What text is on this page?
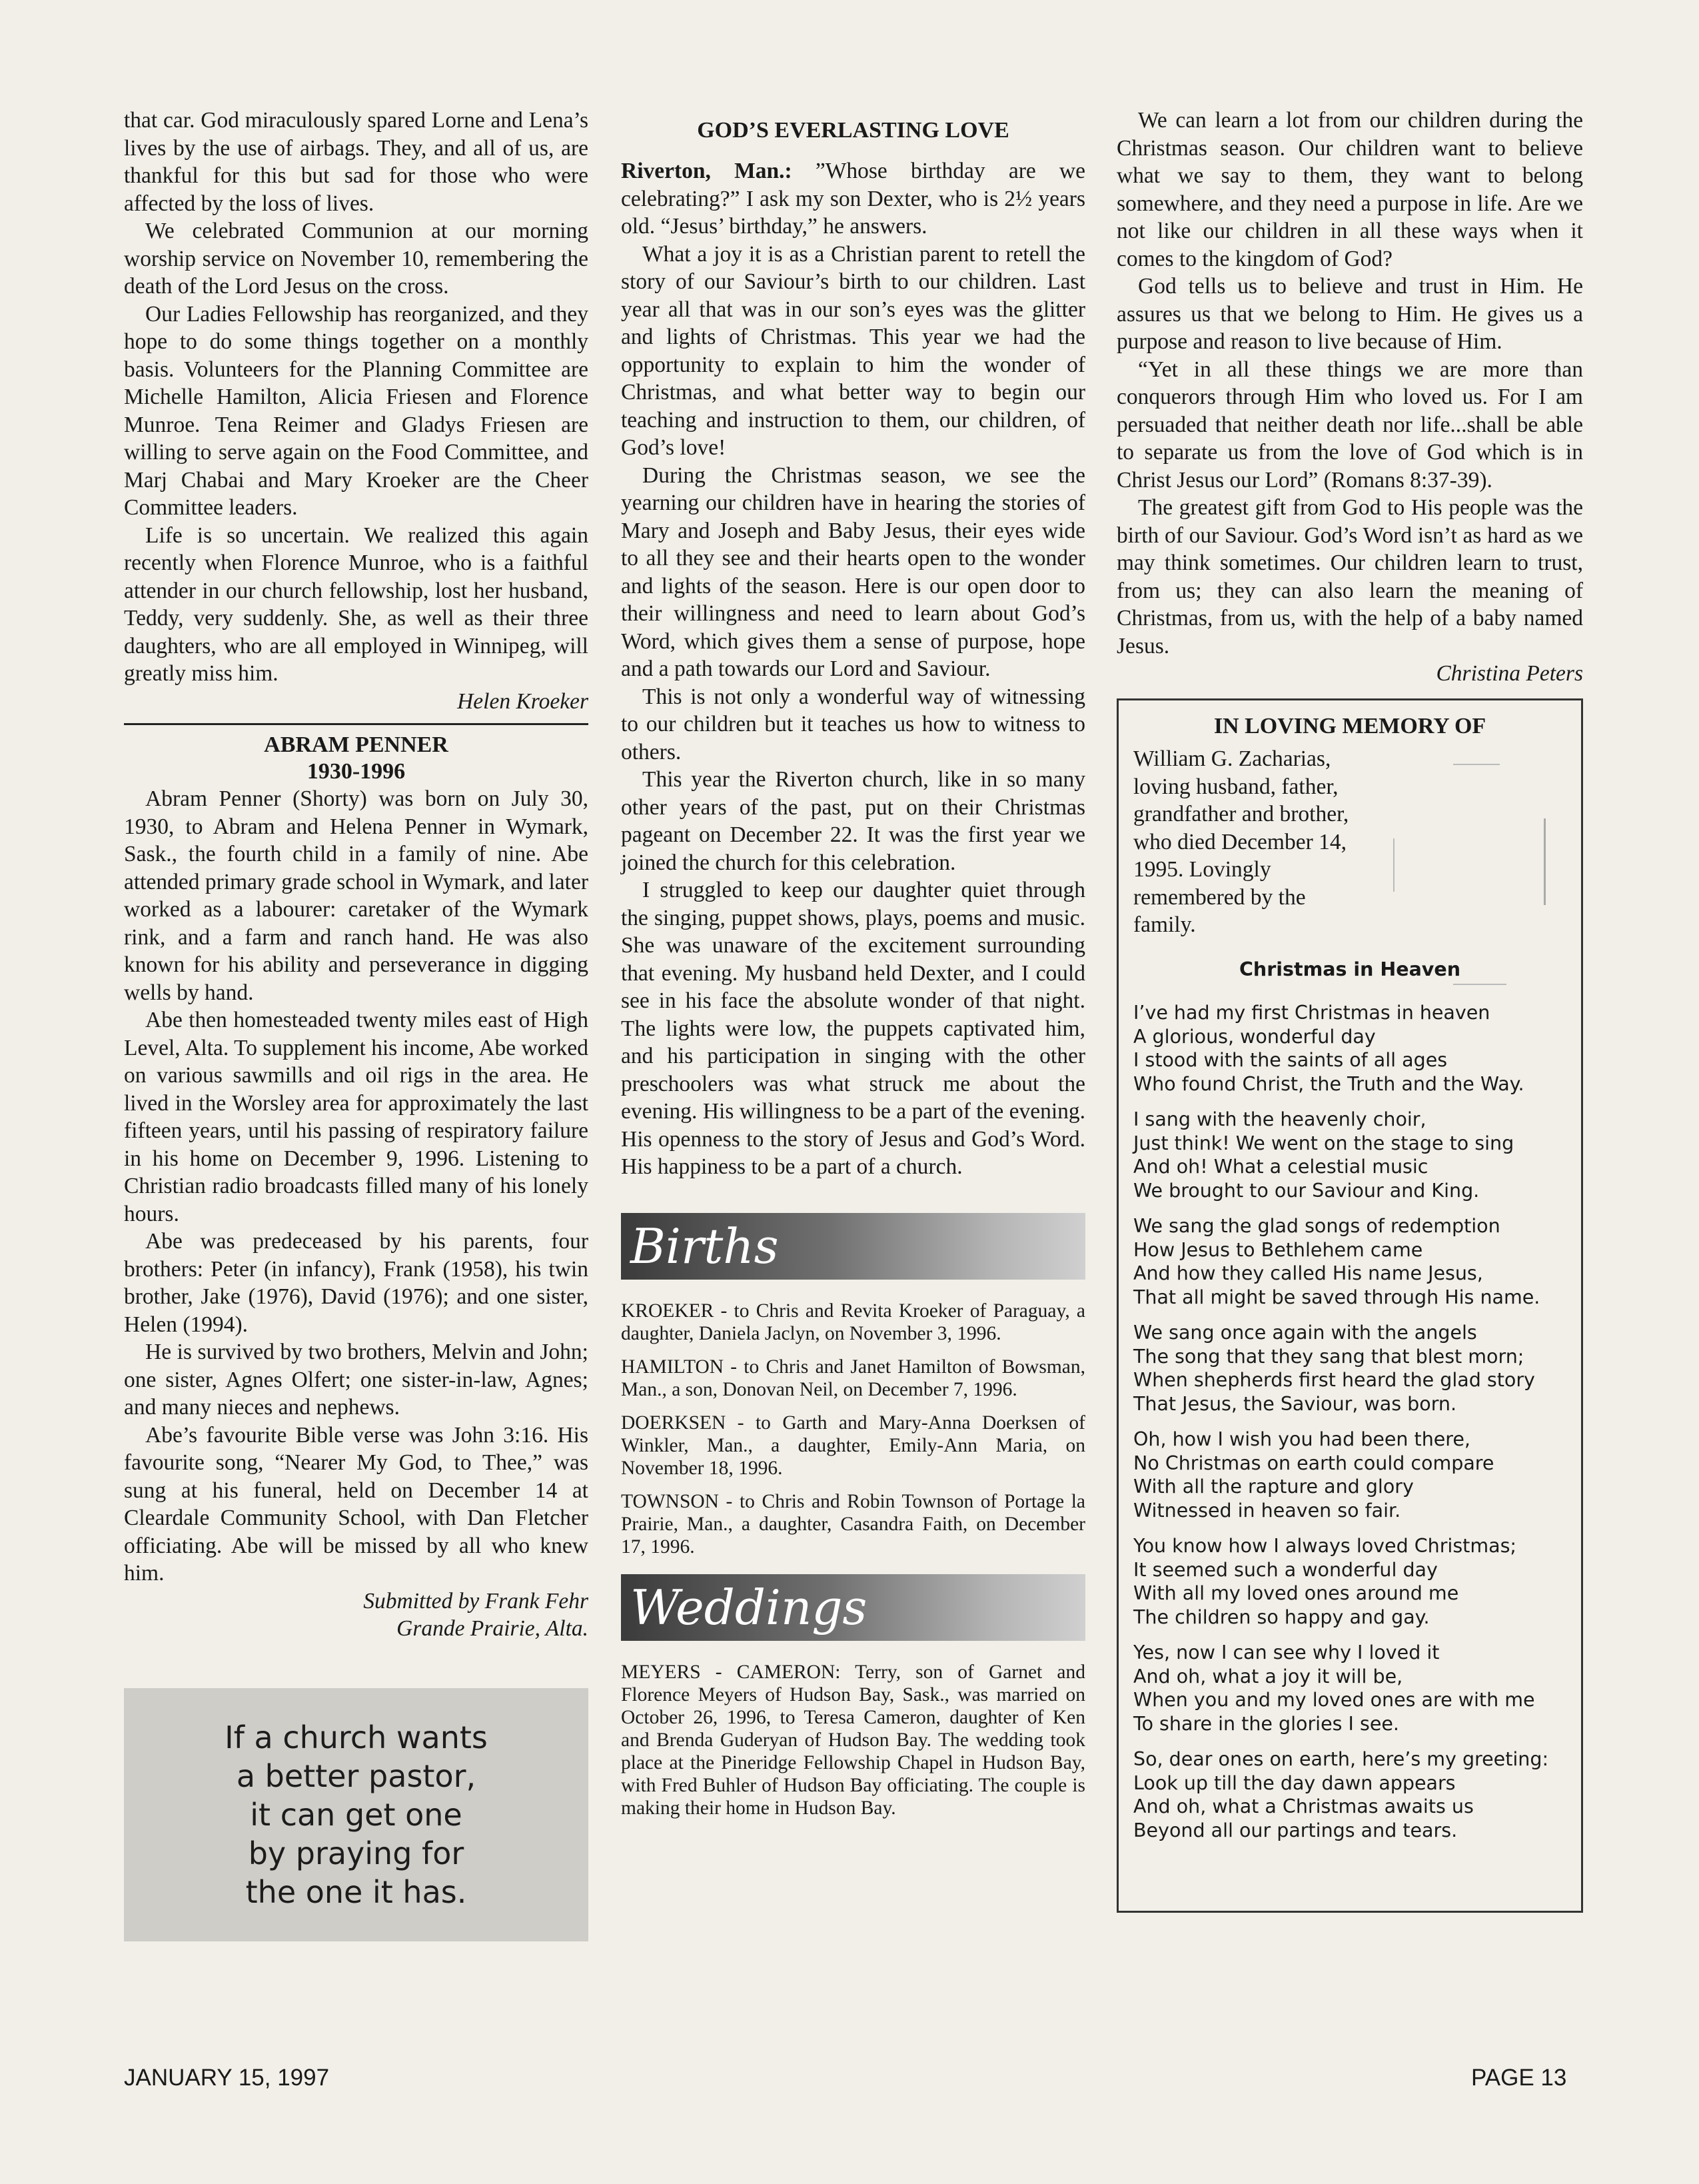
that car. God miraculously spared Lorne and Lena’s lives by the use of airbags. They, and all of us, are thankful for this but sad for those who were affected by the loss of lives.

We celebrated Communion at our morning worship service on November 10, remembering the death of the Lord Jesus on the cross.

Our Ladies Fellowship has reorganized, and they hope to do some things together on a monthly basis. Volunteers for the Planning Committee are Michelle Hamilton, Alicia Friesen and Florence Munroe. Tena Reimer and Gladys Friesen are willing to serve again on the Food Committee, and Marj Chabai and Mary Kroeker are the Cheer Committee leaders.

Life is so uncertain. We realized this again recently when Florence Munroe, who is a faithful attender in our church fellowship, lost her husband, Teddy, very suddenly. She, as well as their three daughters, who are all employed in Winnipeg, will greatly miss him.

Helen Kroeker

ABRAM PENNER
1930-1996

Abram Penner (Shorty) was born on July 30, 1930, to Abram and Helena Penner in Wymark, Sask., the fourth child in a family of nine. Abe attended primary grade school in Wymark, and later worked as a labourer: caretaker of the Wymark rink, and a farm and ranch hand. He was also known for his ability and perseverance in digging wells by hand.

Abe then homesteaded twenty miles east of High Level, Alta. To supplement his income, Abe worked on various sawmills and oil rigs in the area. He lived in the Worsley area for approximately the last fifteen years, until his passing of respiratory failure in his home on December 9, 1996. Listening to Christian radio broadcasts filled many of his lonely hours.

Abe was predeceased by his parents, four brothers: Peter (in infancy), Frank (1958), his twin brother, Jake (1976), David (1976); and one sister, Helen (1994).

He is survived by two brothers, Melvin and John; one sister, Agnes Olfert; one sister-in-law, Agnes; and many nieces and nephews.

Abe’s favourite Bible verse was John 3:16. His favourite song, “Nearer My God, to Thee,” was sung at his funeral, held on December 14 at Cleardale Community School, with Dan Fletcher officiating. Abe will be missed by all who knew him.

Submitted by Frank Fehr

Grande Prairie, Alta.

If a church wants
a better pastor,
it can get one
by praying for
the one it has.
GOD’S EVERLASTING LOVE

Riverton, Man.: ”Whose birthday are we celebrating?” I ask my son Dexter, who is 2½ years old. “Jesus’ birthday,” he answers.

What a joy it is as a Christian parent to retell the story of our Saviour’s birth to our children. Last year all that was in our son’s eyes was the glitter and lights of Christmas. This year we had the opportunity to explain to him the wonder of Christmas, and what better way to begin our teaching and instruction to them, our children, of God’s love!

During the Christmas season, we see the yearning our children have in hearing the stories of Mary and Joseph and Baby Jesus, their eyes wide to all they see and their hearts open to the wonder and lights of the season. Here is our open door to their willingness and need to learn about God’s Word, which gives them a sense of purpose, hope and a path towards our Lord and Saviour.

This is not only a wonderful way of witnessing to our children but it teaches us how to witness to others.

This year the Riverton church, like in so many other years of the past, put on their Christmas pageant on December 22. It was the first year we joined the church for this celebration.

I struggled to keep our daughter quiet through the singing, puppet shows, plays, poems and music. She was unaware of the excitement surrounding that evening. My husband held Dexter, and I could see in his face the absolute wonder of that night. The lights were low, the puppets captivated him, and his participation in singing with the other preschoolers was what struck me about the evening. His willingness to be a part of the evening. His openness to the story of Jesus and God’s Word. His happiness to be a part of a church.

Births
KROEKER - to Chris and Revita Kroeker of Paraguay, a daughter, Daniela Jaclyn, on November 3, 1996.
HAMILTON - to Chris and Janet Hamilton of Bowsman, Man., a son, Donovan Neil, on December 7, 1996.
DOERKSEN - to Garth and Mary-Anna Doerksen of Winkler, Man., a daughter, Emily-Ann Maria, on November 18, 1996.
TOWNSON - to Chris and Robin Townson of Portage la Prairie, Man., a daughter, Casandra Faith, on December 17, 1996.
Weddings
MEYERS - CAMERON: Terry, son of Garnet and Florence Meyers of Hudson Bay, Sask., was married on October 26, 1996, to Teresa Cameron, daughter of Ken and Brenda Guderyan of Hudson Bay. The wedding took place at the Pineridge Fellowship Chapel in Hudson Bay, with Fred Buhler of Hudson Bay officiating. The couple is making their home in Hudson Bay.

We can learn a lot from our children during the Christmas season. Our children want to believe what we say to them, they want to belong somewhere, and they need a purpose in life. Are we not like our children in all these ways when it comes to the kingdom of God?

God tells us to believe and trust in Him. He assures us that we belong to Him. He gives us a purpose and reason to live because of Him.

“Yet in all these things we are more than conquerors through Him who loved us. For I am persuaded that neither death nor life...shall be able to separate us from the love of God which is in Christ Jesus our Lord” (Romans 8:37-39).

The greatest gift from God to His people was the birth of our Saviour. God’s Word isn’t as hard as we may think sometimes. Our children learn to trust, from us; they can also learn the meaning of Christmas, from us, with the help of a baby named Jesus.

Christina Peters

IN LOVING MEMORY OF
William G. Zacharias, loving husband, father, grandfather and brother, who died December 14, 1995. Lovingly remembered by the family.
Christmas in Heaven
I’ve had my first Christmas in heaven
A glorious, wonderful day
I stood with the saints of all ages
Who found Christ, the Truth and the Way.
I sang with the heavenly choir,
Just think! We went on the stage to sing
And oh! What a celestial music
We brought to our Saviour and King.
We sang the glad songs of redemption
How Jesus to Bethlehem came
And how they called His name Jesus,
That all might be saved through His name.
We sang once again with the angels
The song that they sang that blest morn;
When shepherds first heard the glad story
That Jesus, the Saviour, was born.
Oh, how I wish you had been there,
No Christmas on earth could compare
With all the rapture and glory
Witnessed in heaven so fair.
You know how I always loved Christmas;
It seemed such a wonderful day
With all my loved ones around me
The children so happy and gay.
Yes, now I can see why I loved it
And oh, what a joy it will be,
When you and my loved ones are with me
To share in the glories I see.
So, dear ones on earth, here’s my greeting:
Look up till the day dawn appears
And oh, what a Christmas awaits us
Beyond all our partings and tears.
JANUARY 15, 1997	PAGE 13
